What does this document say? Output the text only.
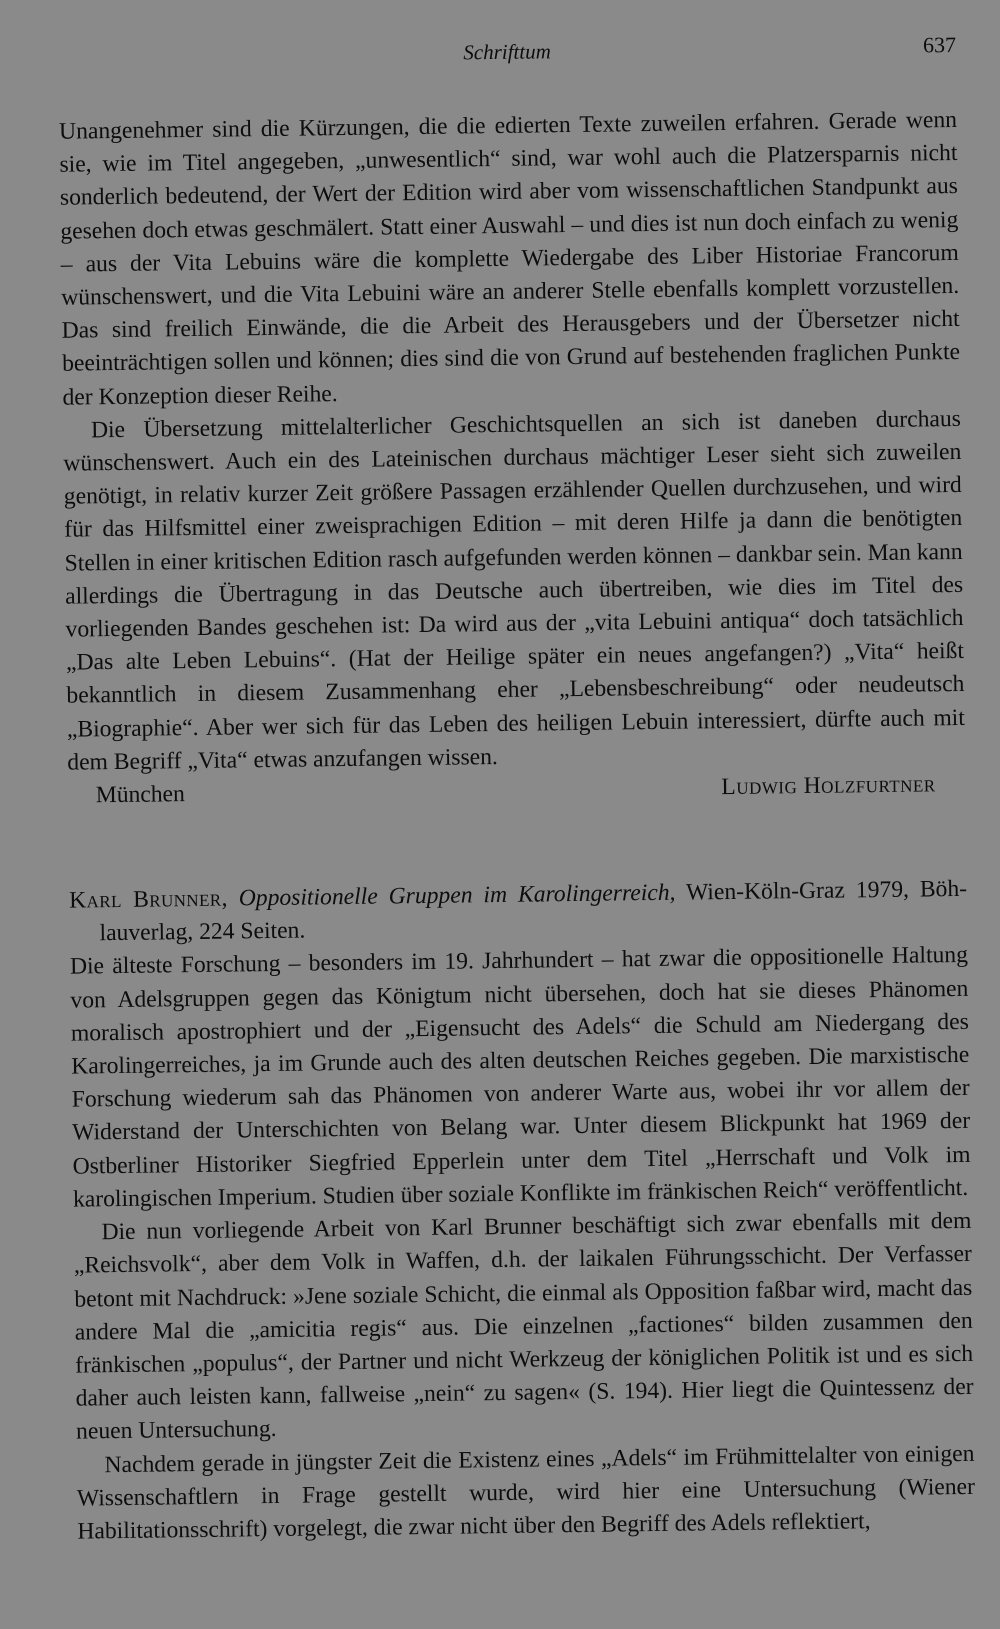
Schrifttum	637

Unangenehmer sind die Kürzungen, die die edierten Texte zuweilen erfahren. Gerade wenn sie, wie im Titel angegeben, „unwesentlich“ sind, war wohl auch die Platzersparnis nicht sonderlich bedeutend, der Wert der Edition wird aber vom wissenschaftlichen Standpunkt aus gesehen doch etwas geschmälert. Statt einer Auswahl – und dies ist nun doch einfach zu wenig – aus der Vita Lebuins wäre die komplette Wiedergabe des Liber Historiae Francorum wünschenswert, und die Vita Lebuini wäre an anderer Stelle ebenfalls komplett vorzustellen. Das sind freilich Einwände, die die Arbeit des Herausgebers und der Übersetzer nicht beeinträchtigen sollen und können; dies sind die von Grund auf bestehenden fraglichen Punkte der Konzeption dieser Reihe.

Die Übersetzung mittelalterlicher Geschichtsquellen an sich ist daneben durchaus wünschenswert. Auch ein des Lateinischen durchaus mächtiger Leser sieht sich zuweilen genötigt, in relativ kurzer Zeit größere Passagen erzählender Quellen durchzusehen, und wird für das Hilfsmittel einer zweisprachigen Edition – mit deren Hilfe ja dann die benötigten Stellen in einer kritischen Edition rasch aufgefunden werden können – dankbar sein. Man kann allerdings die Übertragung in das Deutsche auch übertreiben, wie dies im Titel des vorliegenden Bandes geschehen ist: Da wird aus der „vita Lebuini antiqua“ doch tatsächlich „Das alte Leben Lebuins“. (Hat der Heilige später ein neues angefangen?) „Vita“ heißt bekanntlich in diesem Zusammenhang eher „Lebensbeschreibung“ oder neudeutsch „Biographie“. Aber wer sich für das Leben des heiligen Lebuin interessiert, dürfte auch mit dem Begriff „Vita“ etwas anzufangen wissen.

München	Ludwig Holzfurtner

Karl Brunner, Oppositionelle Gruppen im Karolingerreich, Wien-Köln-Graz 1979, Böhlauverlag, 224 Seiten.

Die älteste Forschung – besonders im 19. Jahrhundert – hat zwar die oppositionelle Haltung von Adelsgruppen gegen das Königtum nicht übersehen, doch hat sie dieses Phänomen moralisch apostrophiert und der „Eigensucht des Adels“ die Schuld am Niedergang des Karolingerreiches, ja im Grunde auch des alten deutschen Reiches gegeben. Die marxistische Forschung wiederum sah das Phänomen von anderer Warte aus, wobei ihr vor allem der Widerstand der Unterschichten von Belang war. Unter diesem Blickpunkt hat 1969 der Ostberliner Historiker Siegfried Epperlein unter dem Titel „Herrschaft und Volk im karolingischen Imperium. Studien über soziale Konflikte im fränkischen Reich“ veröffentlicht.

Die nun vorliegende Arbeit von Karl Brunner beschäftigt sich zwar ebenfalls mit dem „Reichsvolk“, aber dem Volk in Waffen, d.h. der laikalen Führungsschicht. Der Verfasser betont mit Nachdruck: »Jene soziale Schicht, die einmal als Opposition faßbar wird, macht das andere Mal die „amicitia regis“ aus. Die einzelnen „factiones“ bilden zusammen den fränkischen „populus“, der Partner und nicht Werkzeug der königlichen Politik ist und es sich daher auch leisten kann, fallweise „nein“ zu sagen« (S. 194). Hier liegt die Quintessenz der neuen Untersuchung.

Nachdem gerade in jüngster Zeit die Existenz eines „Adels“ im Frühmittelalter von einigen Wissenschaftlern in Frage gestellt wurde, wird hier eine Untersuchung (Wiener Habilitationsschrift) vorgelegt, die zwar nicht über den Begriff des Adels reflektiert,
